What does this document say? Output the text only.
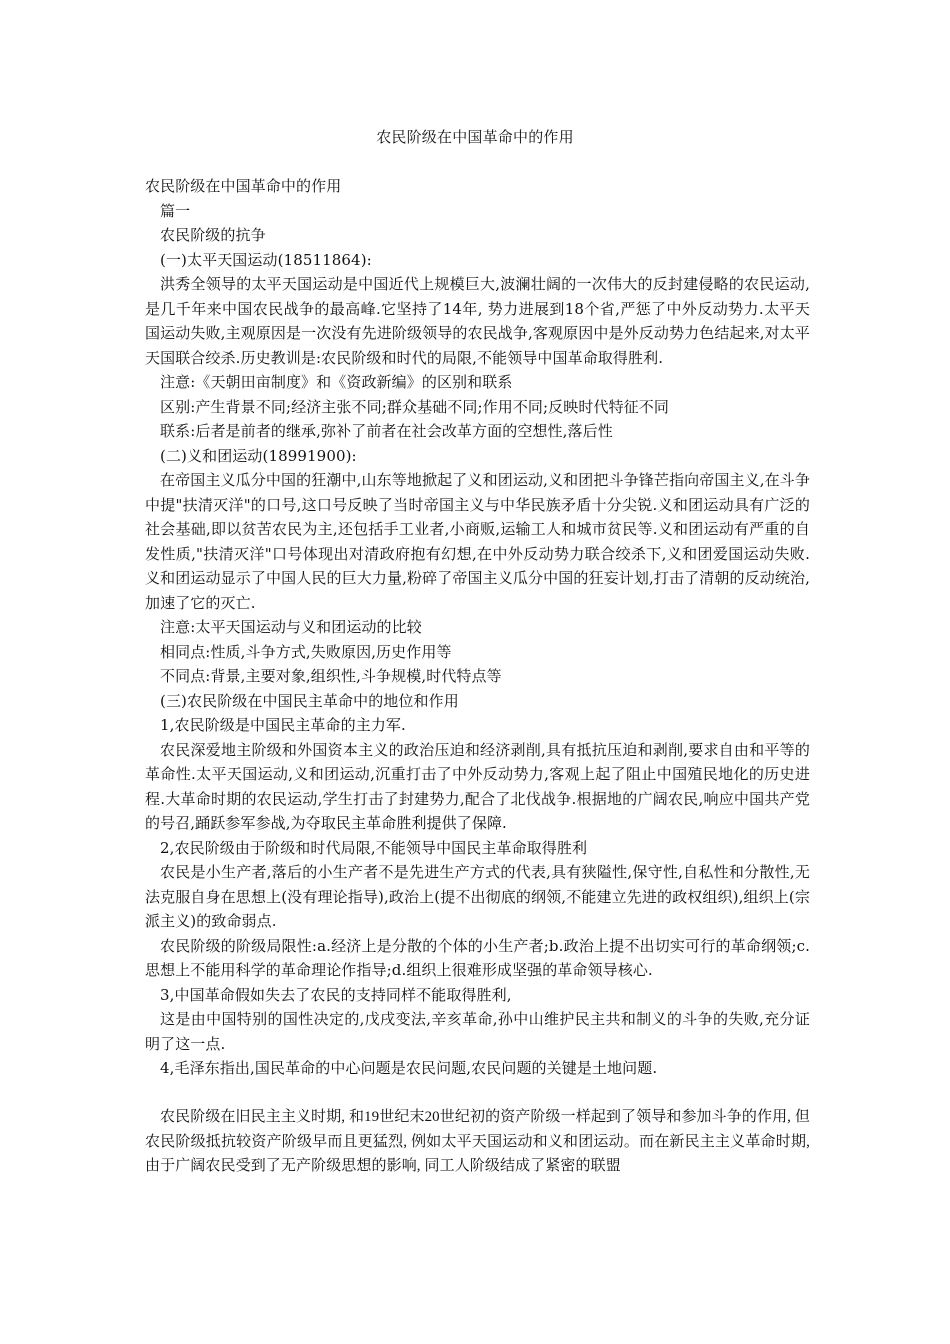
农民阶级在中国革命中的作用

农民阶级在中国革命中的作用

篇一

农民阶级的抗争

(一)太平天国运动(18511864):

洪秀全领导的太平天国运动是中国近代上规模巨大,波澜壮阔的一次伟大的反封建侵略的农民运动,是几千年来中国农民战争的最高峰.它坚持了14年, 势力进展到18个省,严惩了中外反动势力.太平天国运动失败,主观原因是一次没有先进阶级领导的农民战争,客观原因中是外反动势力色结起来,对太平天国联合绞杀.历史教训是:农民阶级和时代的局限,不能领导中国革命取得胜利.

注意:《天朝田亩制度》和《资政新编》的区别和联系

区别:产生背景不同;经济主张不同;群众基础不同;作用不同;反映时代特征不同

联系:后者是前者的继承,弥补了前者在社会改革方面的空想性,落后性

(二)义和团运动(18991900):

在帝国主义瓜分中国的狂潮中,山东等地掀起了义和团运动,义和团把斗争锋芒指向帝国主义,在斗争中提"扶清灭洋"的口号,这口号反映了当时帝国主义与中华民族矛盾十分尖锐.义和团运动具有广泛的社会基础,即以贫苦农民为主,还包括手工业者,小商贩,运输工人和城市贫民等.义和团运动有严重的自发性质,"扶清灭洋"口号体现出对清政府抱有幻想,在中外反动势力联合绞杀下,义和团爱国运动失败.义和团运动显示了中国人民的巨大力量,粉碎了帝国主义瓜分中国的狂妄计划,打击了清朝的反动统治,加速了它的灭亡.

注意:太平天国运动与义和团运动的比较

相同点:性质,斗争方式,失败原因,历史作用等

不同点:背景,主要对象,组织性,斗争规模,时代特点等

(三)农民阶级在中国民主革命中的地位和作用

1,农民阶级是中国民主革命的主力军.

农民深爱地主阶级和外国资本主义的政治压迫和经济剥削,具有抵抗压迫和剥削,要求自由和平等的革命性.太平天国运动,义和团运动,沉重打击了中外反动势力,客观上起了阻止中国殖民地化的历史进程.大革命时期的农民运动,学生打击了封建势力,配合了北伐战争.根据地的广阔农民,响应中国共产党的号召,踊跃参军参战,为夺取民主革命胜利提供了保障.

2,农民阶级由于阶级和时代局限,不能领导中国民主革命取得胜利

农民是小生产者,落后的小生产者不是先进生产方式的代表,具有狭隘性,保守性,自私性和分散性,无法克服自身在思想上(没有理论指导),政治上(提不出彻底的纲领,不能建立先进的政权组织),组织上(宗派主义)的致命弱点.

农民阶级的阶级局限性:a.经济上是分散的个体的小生产者;b.政治上提不出切实可行的革命纲领;c.思想上不能用科学的革命理论作指导;d.组织上很难形成坚强的革命领导核心.

3,中国革命假如失去了农民的支持同样不能取得胜利,

这是由中国特别的国性决定的,戊戌变法,辛亥革命,孙中山维护民主共和制义的斗争的失败,充分证明了这一点.

4,毛泽东指出,国民革命的中心问题是农民问题,农民问题的关键是土地问题.

农民阶级在旧民主主义时期, 和19世纪末20世纪初的资产阶级一样起到了领导和参加斗争的作用, 但农民阶级抵抗较资产阶级早而且更猛烈, 例如太平天国运动和义和团运动。而在新民主主义革命时期, 由于广阔农民受到了无产阶级思想的影响, 同工人阶级结成了紧密的联盟
